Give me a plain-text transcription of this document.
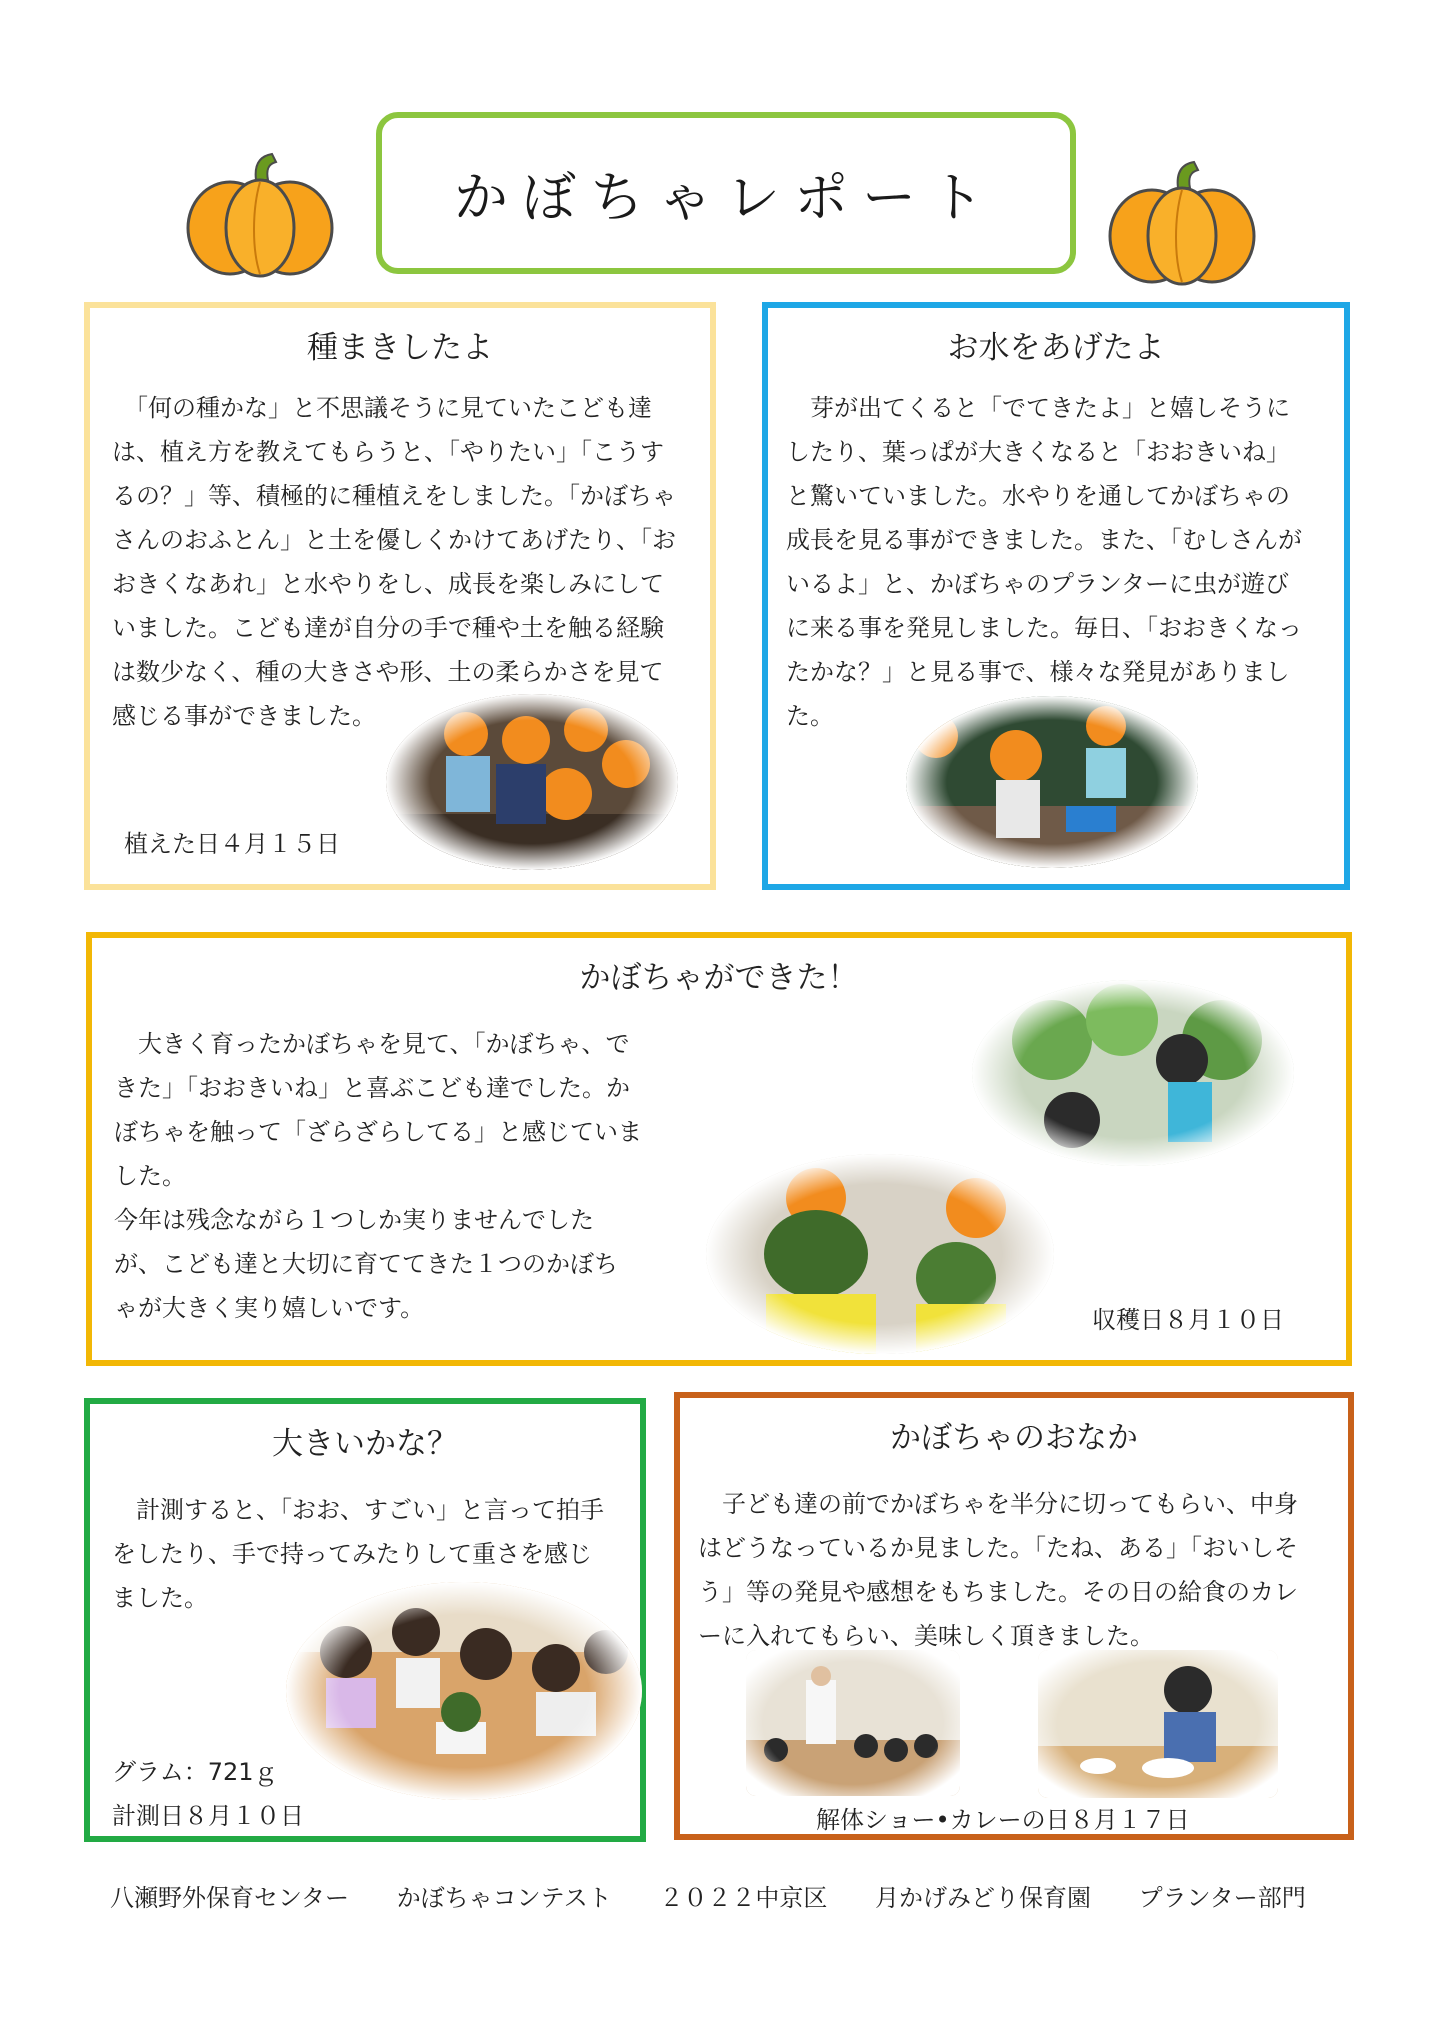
かぼちゃレポート
種まきしたよ
　「何の種かな」と不思議そうに見ていたこども達
は、植え方を教えてもらうと、「やりたい」「こうす
るの？」等、積極的に種植えをしました。「かぼちゃ
さんのおふとん」と土を優しくかけてあげたり、「お
おきくなあれ」と水やりをし、成長を楽しみにして
いました。こども達が自分の手で種や土を触る経験
は数少なく、種の大きさや形、土の柔らかさを見て
感じる事ができました。
植えた日４月１５日
お水をあげたよ
　芽が出てくると「でてきたよ」と嬉しそうに
したり、葉っぱが大きくなると「おおきいね」
と驚いていました。水やりを通してかぼちゃの
成長を見る事ができました。また、「むしさんが
いるよ」と、かぼちゃのプランターに虫が遊び
に来る事を発見しました。毎日、「おおきくなっ
たかな？」と見る事で、様々な発見がありまし
た。
かぼちゃができた！
　大きく育ったかぼちゃを見て、「かぼちゃ、で
きた」「おおきいね」と喜ぶこども達でした。か
ぼちゃを触って「ざらざらしてる」と感じていま
した。
今年は残念ながら１つしか実りませんでした
が、こども達と大切に育ててきた１つのかぼち
ゃが大きく実り嬉しいです。	収穫日８月１０日
大きいかな？
　計測すると、「おお、すごい」と言って拍手
をしたり、手で持ってみたりして重さを感じ
ました。
グラム：721ｇ
計測日８月１０日
かぼちゃのおなか
　子ども達の前でかぼちゃを半分に切ってもらい、中身
はどうなっているか見ました。「たね、ある」「おいしそ
う」等の発見や感想をもちました。その日の給食のカレ
ーに入れてもらい、美味しく頂きました。
解体ショー•カレーの日８月１７日
八瀬野外保育センター かぼちゃコンテスト ２０２２中京区 月かげみどり保育園 プランター部門
